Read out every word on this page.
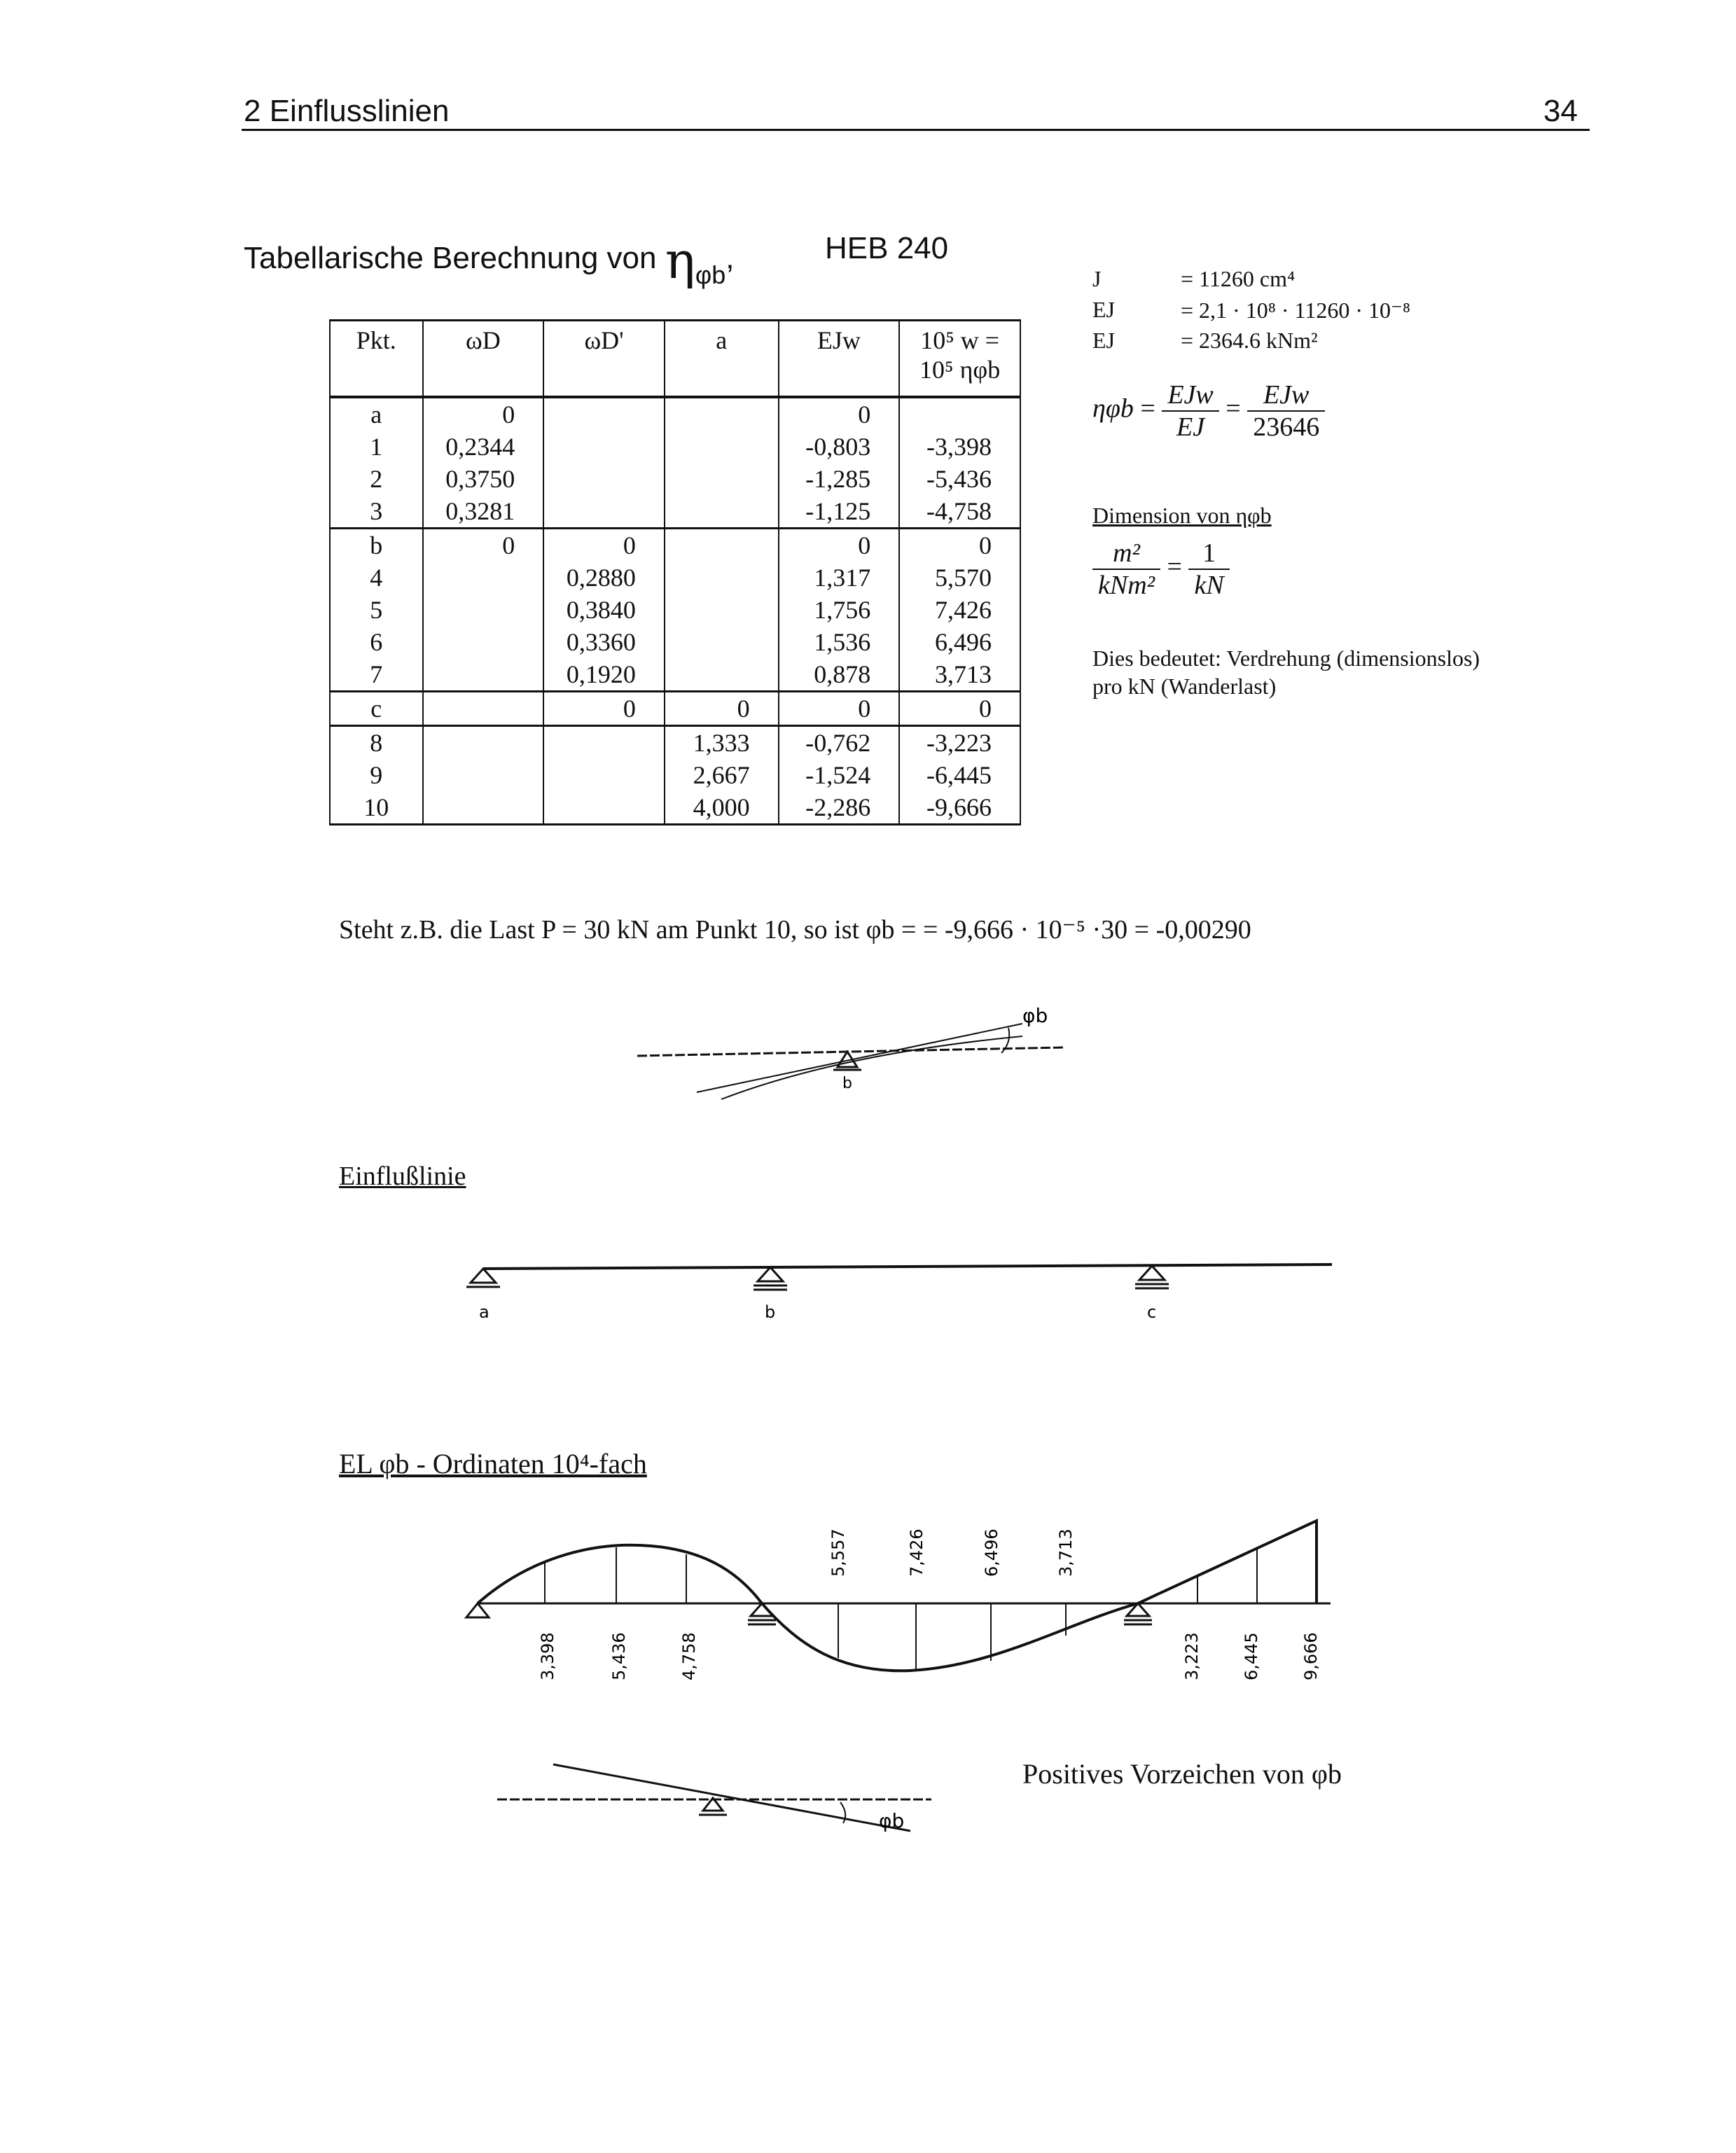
2 Einflusslinien	34
Tabellarische Berechnung von $\eta_{\varphi b}$,	HEB 240
Pkt.	ωD	ωD'	a	EJw	10⁵ w = 10⁵ ηφb
a	0			0	
1	0,2344			-0,803	-3,398
2	0,3750			-1,285	-5,436
3	0,3281			-1,125	-4,758
b	0	0		0	0
4		0,2880		1,317	5,570
5		0,3840		1,756	7,426
6		0,3360		1,536	6,496
7		0,1920		0,878	3,713
c		0	0	0	0
8			1,333	-0,762	-3,223
9			2,667	-1,524	-6,445
10			4,000	-2,286	-9,666
J	= 11260 cm⁴
EJ	= 2,1 · 10⁸ · 11260 · 10⁻⁸
EJ	= 2364.6 kNm²
$\eta\varphi b = \frac{\text{EJw}}{EJ} = \frac{\text{EJw}}{23646}$
Dimension von ηφb
$\frac{\text{m²}}{\text{kNm²}} = \frac{1}{kN}$
Dies bedeutet: Verdrehung (dimensionslos)
pro kN (Wanderlast)
Steht z.B. die Last P = 30 kN am Punkt 10, so ist φb = = -9,666 · 10⁻⁵ ·30 = -0,00290
b
φb
Einflußlinie
a	b	c
EL φb - Ordinaten 10⁴-fach
3,398	5,436	4,758
5,557	7,426	6,496	3,713
3,223 6,445 9,666
φb
Positives Vorzeichen von φb
